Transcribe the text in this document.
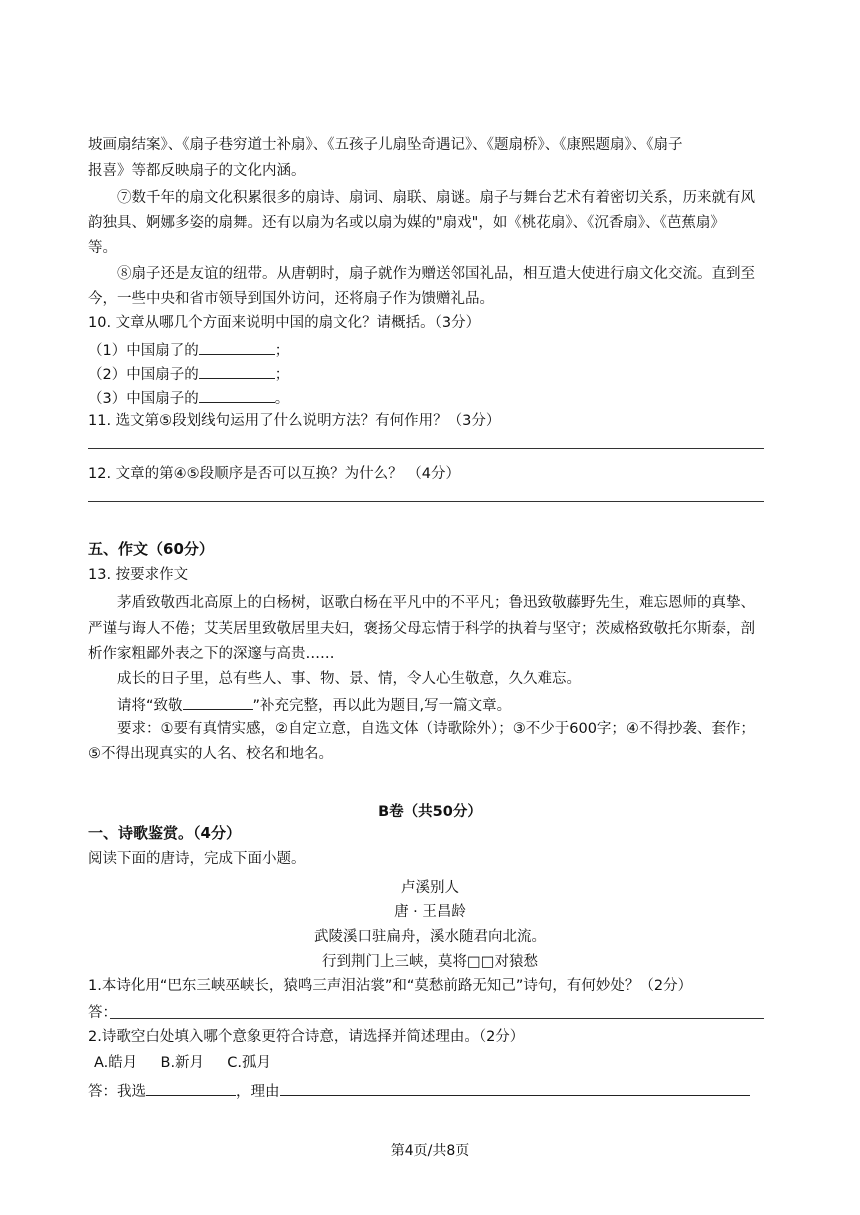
坡画扇结案》、《扇子巷穷道士补扇》、《五孩子儿扇坠奇遇记》、《题扇桥》、《康熙题扇》、《扇子
报喜》等都反映扇子的文化内涵。
⑦数千年的扇文化积累很多的扇诗、扇词、扇联、扇谜。扇子与舞台艺术有着密切关系，历来就有风
韵独具、婀娜多姿的扇舞。还有以扇为名或以扇为媒的"扇戏"，如《桃花扇》、《沉香扇》、《芭蕉扇》
等。
⑧扇子还是友谊的纽带。从唐朝时，扇子就作为赠送邻国礼品，相互遣大使进行扇文化交流。直到至
今，一些中央和省市领导到国外访问，还将扇子作为馈赠礼品。
10. 文章从哪几个方面来说明中国的扇文化？请概括。（3分）
（1）中国扇了的	；
（2）中国扇子的	；
（3）中国扇子的	。
11. 选文第⑤段划线句运用了什么说明方法？有何作用？（3分）
12. 文章的第④⑤段顺序是否可以互换？为什么？ （4分）
五、作文（60分）
13. 按要求作文
茅盾致敬西北高原上的白杨树，讴歌白杨在平凡中的不平凡；鲁迅致敬藤野先生，难忘恩师的真挚、
严谨与诲人不倦；艾芙居里致敬居里夫妇，褒扬父母忘情于科学的执着与坚守；茨威格致敬托尔斯泰，剖
析作家粗鄙外表之下的深邃与高贵……
成长的日子里，总有些人、事、物、景、情，令人心生敬意，久久难忘。
请将“致敬	”补充完整，再以此为题目,写一篇文章。
要求：①要有真情实感，②自定立意，自选文体（诗歌除外）；③不少于600字；④不得抄袭、套作；
⑤不得出现真实的人名、校名和地名。
B卷（共50分）
一、诗歌鉴赏。（4分）
阅读下面的唐诗，完成下面小题。
卢溪别人
唐 · 王昌龄
武陵溪口驻扁舟，溪水随君向北流。
行到荆门上三峡，莫将□□对猿愁
1.本诗化用“巴东三峡巫峡长，猿鸣三声泪沾裳”和“莫愁前路无知己”诗句，有何妙处？（2分）
答：
2.诗歌空白处填入哪个意象更符合诗意，请选择并简述理由。（2分）
A.皓月 B.新月 C.孤月
答：我选	，理由
第4页/共8页
